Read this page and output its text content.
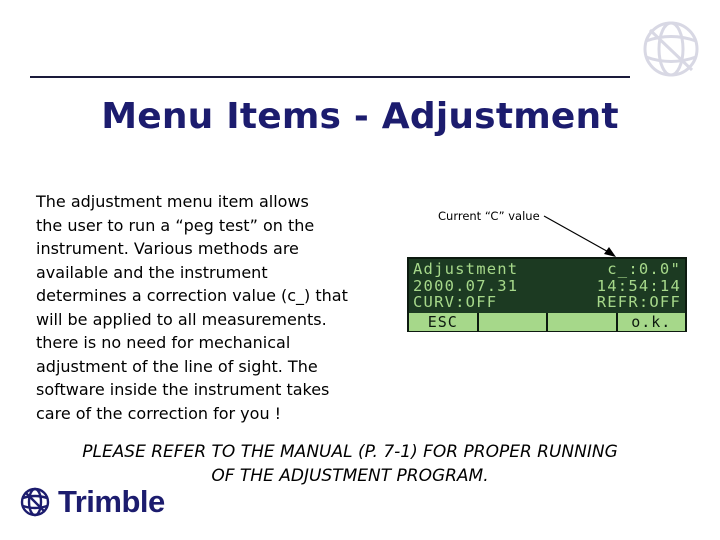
Menu Items - Adjustment
The adjustment menu item allows
the user to run a “peg test” on the
instrument. Various methods are
available and the instrument
determines a correction value (c_) that
will be applied to all measurements.
there is no need for mechanical
adjustment of the line of sight. The
software inside the instrument takes
care of the correction for you !
Current “C” value
Adjustment	c_:0.0"
2000.07.31	14:54:14
CURV:OFF	REFR:OFF
ESC	o.k.
PLEASE REFER TO THE MANUAL (P. 7-1) FOR PROPER RUNNING
OF THE ADJUSTMENT PROGRAM.
Trimble
